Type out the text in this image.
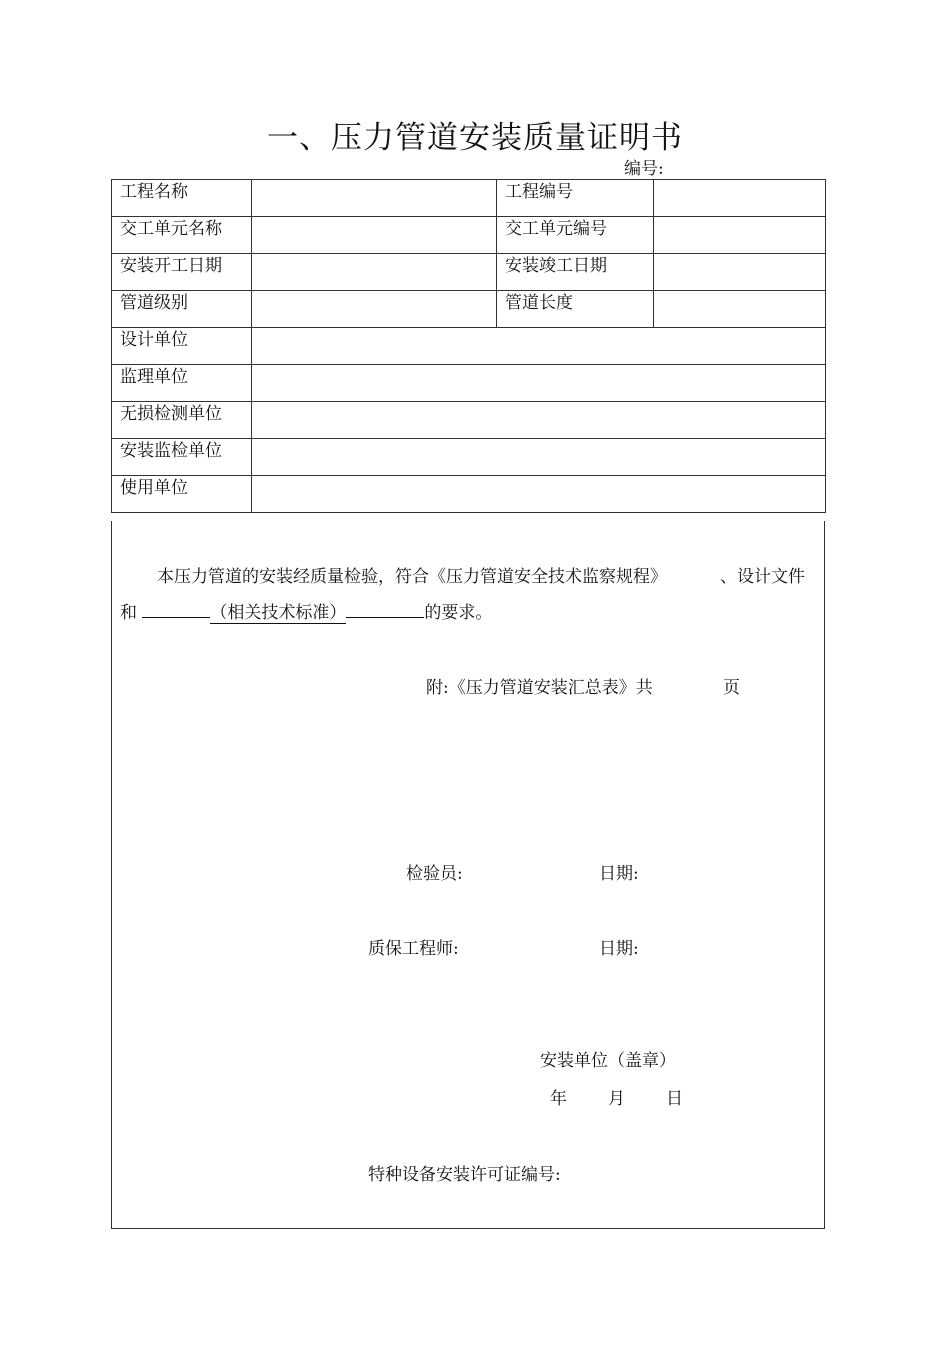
一、压力管道安装质量证明书
编号:
工程名称		工程编号	
交工单元名称		交工单元编号	
安装开工日期		安装竣工日期	
管道级别		管道长度	
设计单位			
监理单位			
无损检测单位			
安装监检单位			
使用单位			
本压力管道的安装经质量检验，符合《压力管道安全技术监察规程》	、设计文件
和	（相关技术标准）	的要求。
附:《压力管道安装汇总表》共	页
检验员:	日期:
质保工程师:	日期:
安装单位（盖章）
年 月 日
特种设备安装许可证编号:
